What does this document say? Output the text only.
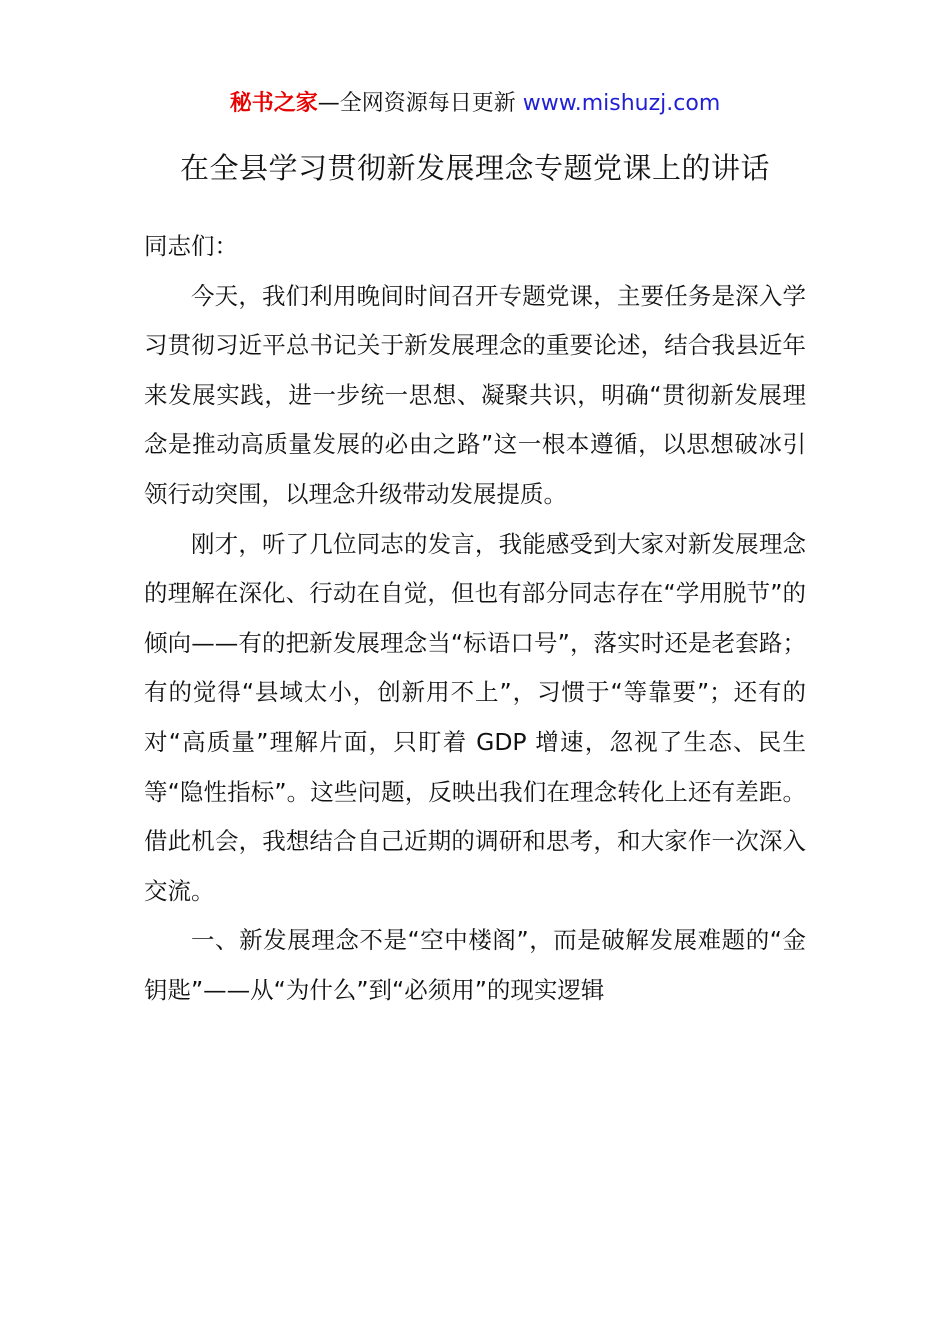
秘书之家—全网资源每日更新 www.mishuzj.com
在全县学习贯彻新发展理念专题党课上的讲话

同志们：

今天，我们利用晚间时间召开专题党课，主要任务是深入学习贯彻习近平总书记关于新发展理念的重要论述，结合我县近年来发展实践，进一步统一思想、凝聚共识，明确“贯彻新发展理念是推动高质量发展的必由之路”这一根本遵循，以思想破冰引领行动突围，以理念升级带动发展提质。

刚才，听了几位同志的发言，我能感受到大家对新发展理念的理解在深化、行动在自觉，但也有部分同志存在“学用脱节”的倾向——有的把新发展理念当“标语口号”，落实时还是老套路；有的觉得“县域太小，创新用不上”，习惯于“等靠要”；还有的对“高质量”理解片面，只盯着 GDP 增速，忽视了生态、民生等“隐性指标”。这些问题，反映出我们在理念转化上还有差距。借此机会，我想结合自己近期的调研和思考，和大家作一次深入交流。

一、新发展理念不是“空中楼阁”，而是破解发展难题的“金钥匙”——从“为什么”到“必须用”的现实逻辑
